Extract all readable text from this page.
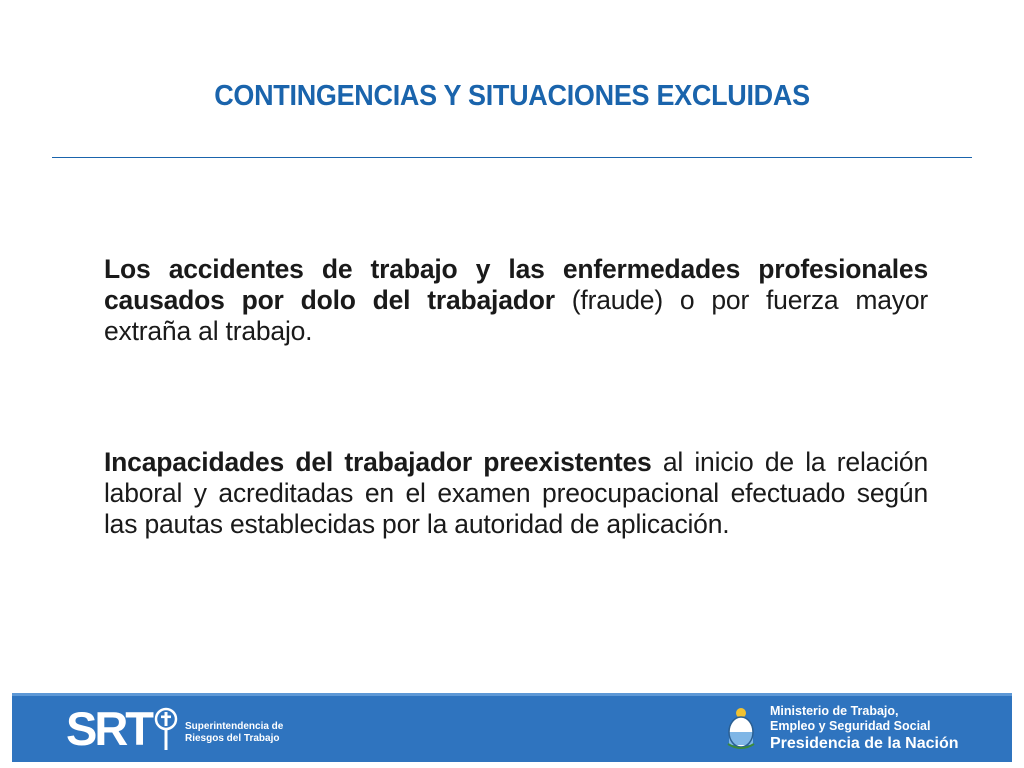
CONTINGENCIAS Y SITUACIONES EXCLUIDAS
Los accidentes de trabajo y las enfermedades profesionales causados por dolo del trabajador (fraude) o por fuerza mayor extraña al trabajo.
Incapacidades del trabajador preexistentes al inicio de la relación laboral y acreditadas en el examen preocupacional efectuado según las pautas establecidas por la autoridad de aplicación.
SRT	Superintendencia de
Riesgos del Trabajo
Ministerio de Trabajo,
Empleo y Seguridad Social
Presidencia de la Nación
